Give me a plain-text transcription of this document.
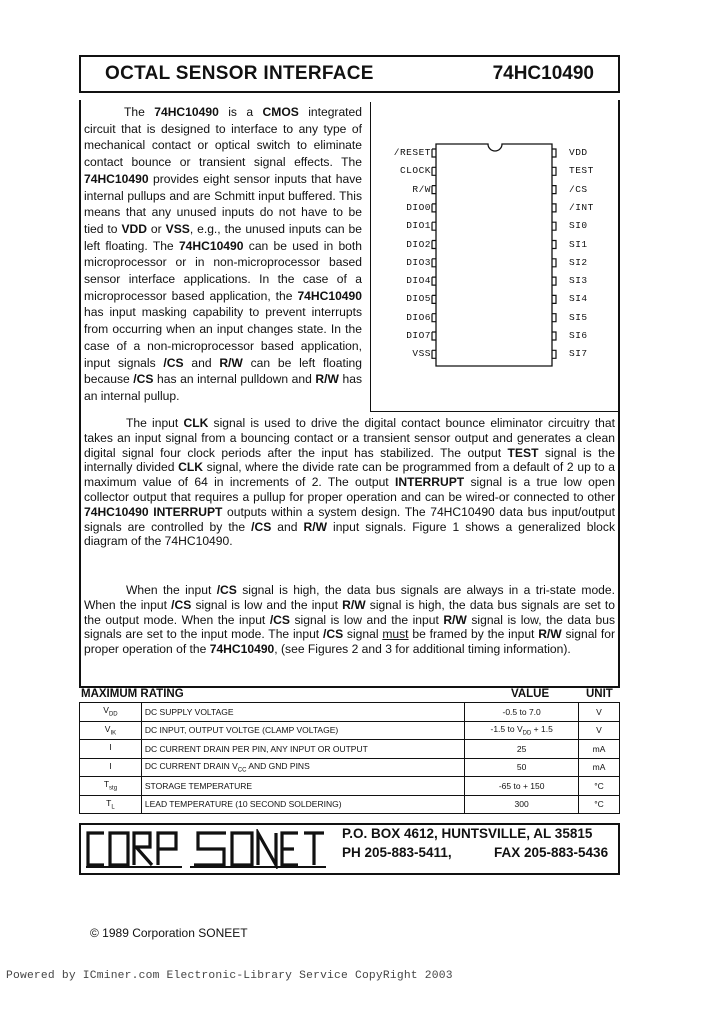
OCTAL SENSOR INTERFACE	74HC10490

The 74HC10490 is a CMOS integrated circuit that is designed to interface to any type of mechanical contact or optical switch to eliminate contact bounce or transient signal effects. The 74HC10490 provides eight sensor inputs that have internal pullups and are Schmitt input buffered. This means that any unused inputs do not have to be tied to VDD or VSS, e.g., the unused inputs can be left floating. The 74HC10490 can be used in both microprocessor or in non-microprocessor based sensor interface applications. In the case of a microprocessor based application, the 74HC10490 has input masking capability to prevent interrupts from occurring when an input changes state. In the case of a non-microprocessor based application, input signals /CS and R/W can be left floating because /CS has an internal pulldown and R/W has an internal pullup.

/RESET
CLOCK
R/W
DIO0
DIO1
DIO2
DIO3
DIO4
DIO5
DIO6
DIO7
VSS
VDD
TEST
/CS
/INT
SI0
SI1
SI2
SI3
SI4
SI5
SI6
SI7

The input CLK signal is used to drive the digital contact bounce eliminator circuitry that takes an input signal from a bouncing contact or a transient sensor output and generates a clean digital signal four clock periods after the input has stabilized. The output TEST signal is the internally divided CLK signal, where the divide rate can be programmed from a default of 2 up to a maximum value of 64 in increments of 2. The output INTERRUPT signal is a true low open collector output that requires a pullup for proper operation and can be wired-or connected to other 74HC10490 INTERRUPT outputs within a system design. The 74HC10490 data bus input/output signals are controlled by the /CS and R/W input signals. Figure 1 shows a generalized block diagram of the 74HC10490.

When the input /CS signal is high, the data bus signals are always in a tri-state mode. When the input /CS signal is low and the input R/W signal is high, the data bus signals are set to the output mode. When the input /CS signal is low and the input R/W signal is low, the data bus signals are set to the input mode. The input /CS signal must be framed by the input R/W signal for proper operation of the 74HC10490, (see Figures 2 and 3 for additional timing information).

MAXIMUM RATING	VALUE	UNIT
$V_{DD}$	DC SUPPLY VOLTAGE	-0.5 to 7.0	V
$V_{IK}$	DC INPUT, OUTPUT VOLTGE (CLAMP VOLTAGE)	-1.5 to $V_{DD} + 1.5$	V
I	DC CURRENT DRAIN PER PIN, ANY INPUT OR OUTPUT	25	mA
I	DC CURRENT DRAIN $V_{CC}$ AND GND PINS	50	mA
$T_{stg}$	STORAGE TEMPERATURE	-65 to + 150	°C
$T_L$	LEAD TEMPERATURE (10 SECOND SOLDERING)	300	°C
P.O. BOX 4612, HUNTSVILLE, AL 35815
PH 205-883-5411,	FAX 205-883-5436
© 1989 Corporation SONEET
Powered by ICminer.com Electronic-Library Service CopyRight 2003
